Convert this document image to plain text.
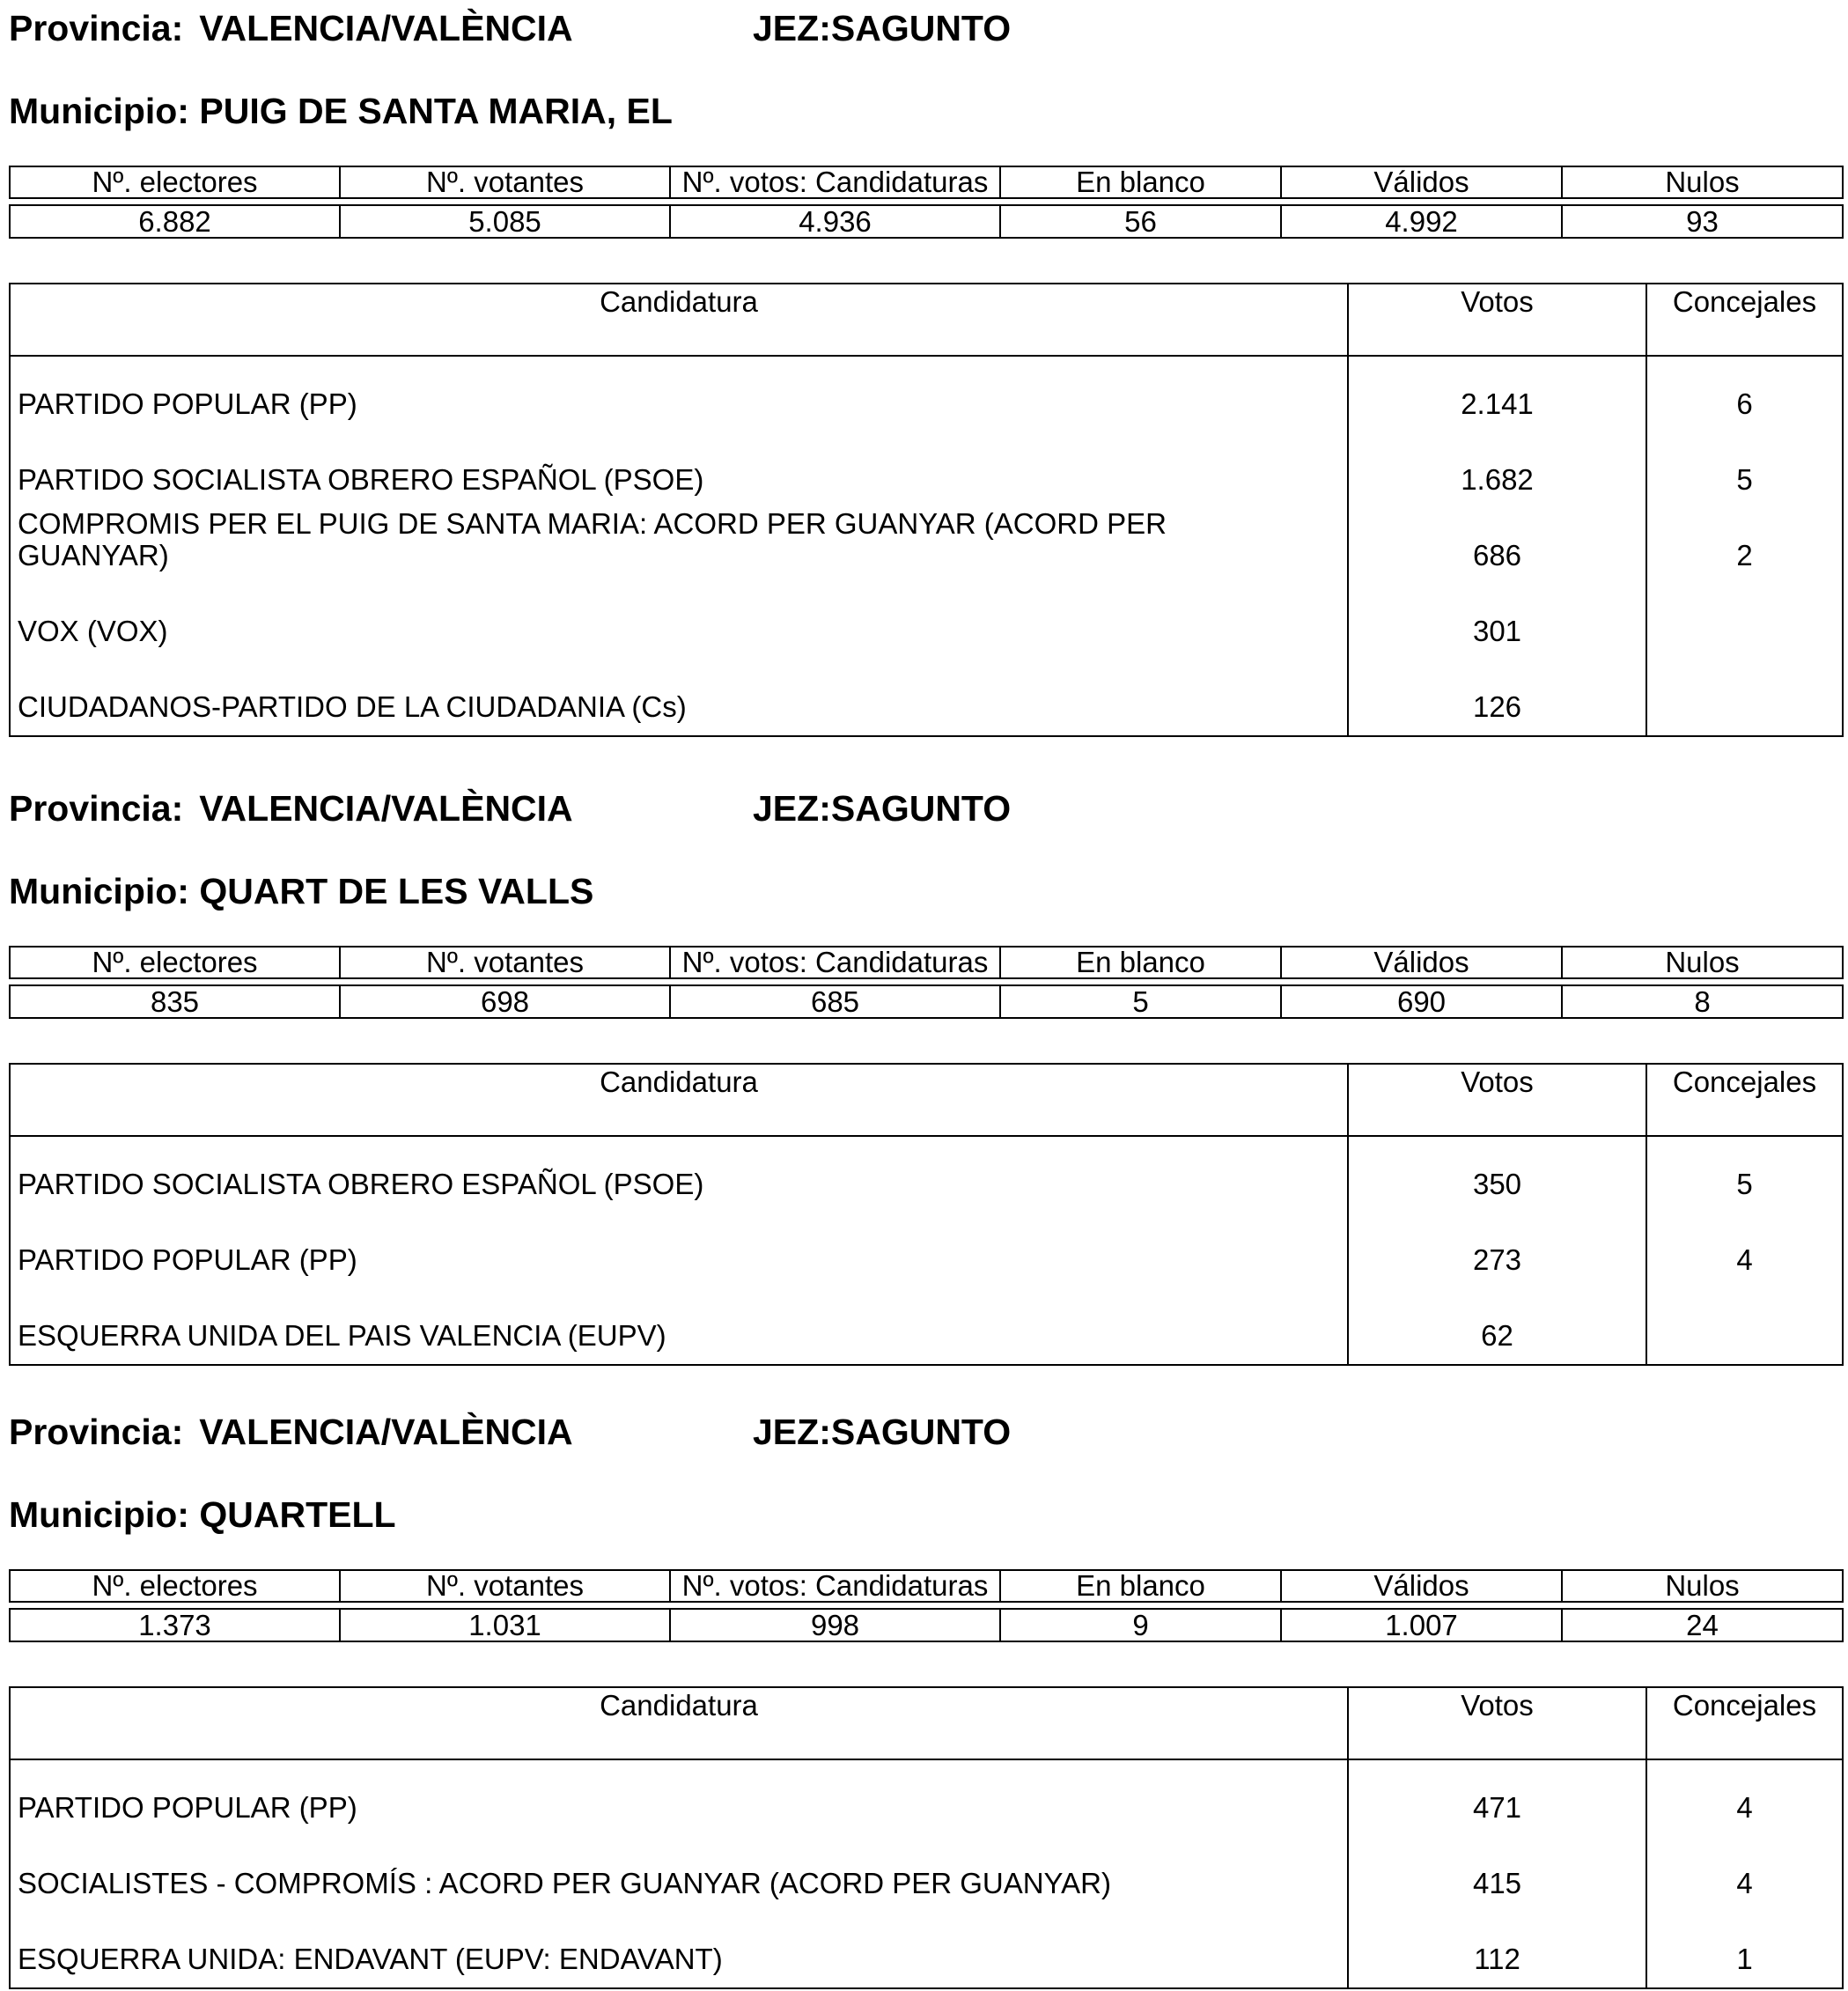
Provincia: VALENCIA/VALÈNCIA	JEZ:SAGUNTO
Municipio: PUIG DE SANTA MARIA, EL
Nº. electores	Nº. votantes	Nº. votos: Candidaturas	En blanco	Válidos	Nulos

6.882	5.085	4.936	56	4.992	93
Candidatura	Votos	Concejales
PARTIDO POPULAR (PP)	2.141	6
PARTIDO SOCIALISTA OBRERO ESPAÑOL (PSOE)	1.682	5
COMPROMIS PER EL PUIG DE SANTA MARIA: ACORD PER GUANYAR (ACORD PER GUANYAR)	686	2
VOX (VOX)	301
CIUDADANOS-PARTIDO DE LA CIUDADANIA (Cs)	126
Provincia: VALENCIA/VALÈNCIA	JEZ:SAGUNTO
Municipio: QUART DE LES VALLS
Nº. electores	Nº. votantes	Nº. votos: Candidaturas	En blanco	Válidos	Nulos

835	698	685	5	690	8
Candidatura	Votos	Concejales
PARTIDO SOCIALISTA OBRERO ESPAÑOL (PSOE)	350	5
PARTIDO POPULAR (PP)	273	4
ESQUERRA UNIDA DEL PAIS VALENCIA (EUPV)	62
Provincia: VALENCIA/VALÈNCIA	JEZ:SAGUNTO
Municipio: QUARTELL
Nº. electores	Nº. votantes	Nº. votos: Candidaturas	En blanco	Válidos	Nulos

1.373	1.031	998	9	1.007	24
Candidatura	Votos	Concejales
PARTIDO POPULAR (PP)	471	4
SOCIALISTES - COMPROMÍS : ACORD PER GUANYAR (ACORD PER GUANYAR)	415	4
ESQUERRA UNIDA: ENDAVANT (EUPV: ENDAVANT)	112	1
